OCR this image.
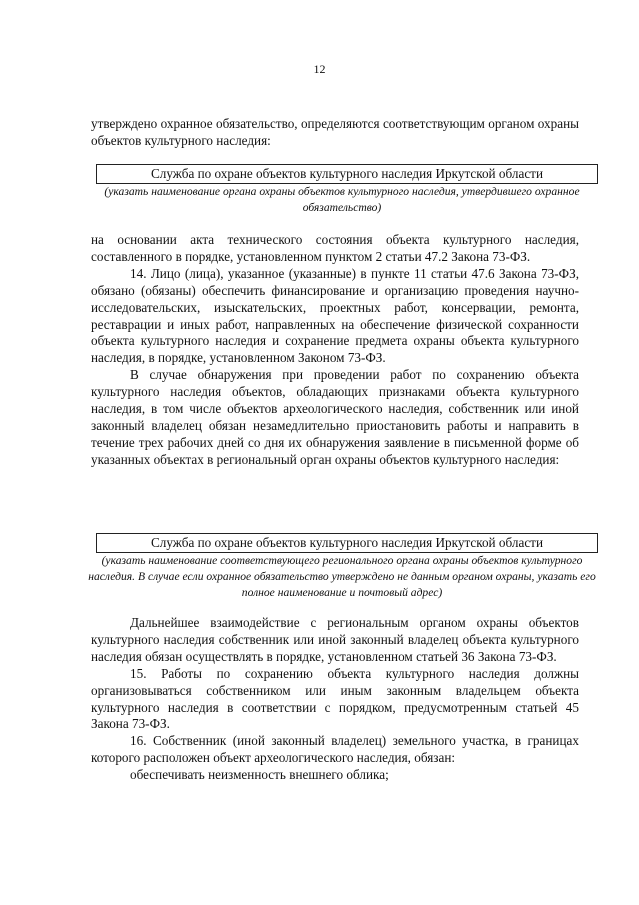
12

утверждено охранное обязательство, определяются соответствующим органом охраны объектов культурного наследия:

Служба по охране объектов культурного наследия Иркутской области
(указать наименование органа охраны объектов культурного наследия, утвердившего охранное обязательство)

на основании акта технического состояния объекта культурного наследия, составленного в порядке, установленном пунктом 2 статьи 47.2 Закона 73-ФЗ.

14. Лицо (лица), указанное (указанные) в пункте 11 статьи 47.6 Закона 73-ФЗ, обязано (обязаны) обеспечить финансирование и организацию проведения научно-исследовательских, изыскательских, проектных работ, консервации, ремонта, реставрации и иных работ, направленных на обеспечение физической сохранности объекта культурного наследия и сохранение предмета охраны объекта культурного наследия, в порядке, установленном Законом 73-ФЗ.

В случае обнаружения при проведении работ по сохранению объекта культурного наследия объектов, обладающих признаками объекта культурного наследия, в том числе объектов археологического наследия, собственник или иной законный владелец обязан незамедлительно приостановить работы и направить в течение трех рабочих дней со дня их обнаружения заявление в письменной форме об указанных объектах в региональный орган охраны объектов культурного наследия:

Служба по охране объектов культурного наследия Иркутской области
(указать наименование соответствующего регионального органа охраны объектов культурного наследия. В случае если охранное обязательство утверждено не данным органом охраны, указать его полное наименование и почтовый адрес)

Дальнейшее взаимодействие с региональным органом охраны объектов культурного наследия собственник или иной законный владелец объекта культурного наследия обязан осуществлять в порядке, установленном статьей 36 Закона 73-ФЗ.

15. Работы по сохранению объекта культурного наследия должны организовываться собственником или иным законным владельцем объекта культурного наследия в соответствии с порядком, предусмотренным статьей 45 Закона 73-ФЗ.

16. Собственник (иной законный владелец) земельного участка, в границах которого расположен объект археологического наследия, обязан:

обеспечивать неизменность внешнего облика;
